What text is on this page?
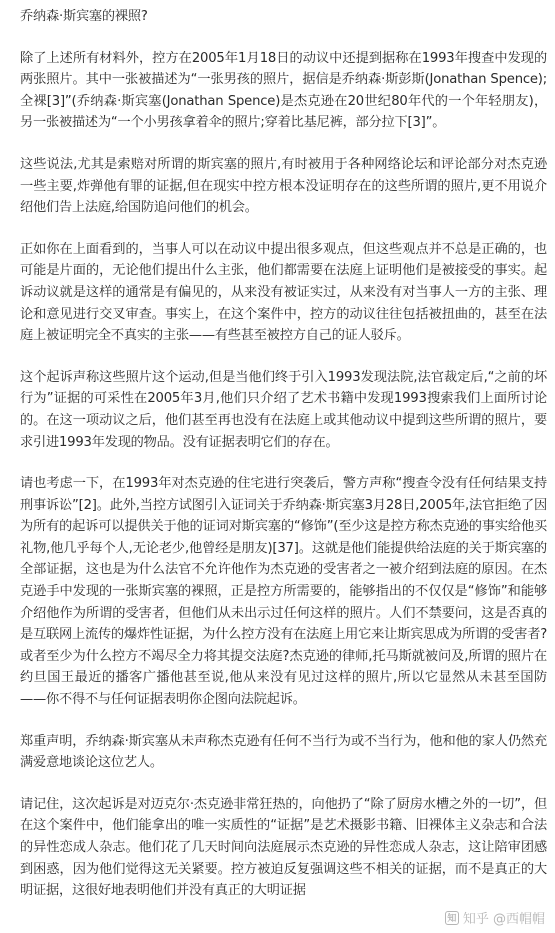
乔纳森·斯宾塞的裸照?

除了上述所有材料外，控方在2005年1月18日的动议中还提到据称在1993年搜查中发现的两张照片。其中一张被描述为“一张男孩的照片，据信是乔纳森·斯彭斯(Jonathan Spence);全裸[3]”(乔纳森·斯宾塞(Jonathan Spence)是杰克逊在20世纪80年代的一个年轻朋友)，另一张被描述为“一个小男孩拿着伞的照片;穿着比基尼裤，部分拉下[3]”。

这些说法,尤其是索赔对所谓的斯宾塞的照片,有时被用于各种网络论坛和评论部分对杰克逊一些主要,炸弹他有罪的证据,但在现实中控方根本没证明存在的这些所谓的照片,更不用说介绍他们告上法庭,给国防追问他们的机会。

正如你在上面看到的，当事人可以在动议中提出很多观点，但这些观点并不总是正确的，也可能是片面的，无论他们提出什么主张，他们都需要在法庭上证明他们是被接受的事实。起诉动议就是这样的通常是有偏见的，从来没有被证实过，从来没有对当事人一方的主张、理论和意见进行交叉审查。事实上，在这个案件中，控方的动议往往包括被扭曲的，甚至在法庭上被证明完全不真实的主张——有些甚至被控方自己的证人驳斥。

这个起诉声称这些照片这个运动,但是当他们终于引入1993发现法院,法官裁定后,“之前的坏行为”证据的可采性在2005年3月,他们只介绍了艺术书籍中发现1993搜索我们上面所讨论的。在这一项动议之后，他们甚至再也没有在法庭上或其他动议中提到这些所谓的照片，要求引进1993年发现的物品。没有证据表明它们的存在。

请也考虑一下，在1993年对杰克逊的住宅进行突袭后，警方声称“搜查令没有任何结果支持刑事诉讼”[2]。此外,当控方试图引入证词关于乔纳森·斯宾塞3月28日,2005年,法官拒绝了因为所有的起诉可以提供关于他的证词对斯宾塞的“修饰”(至少这是控方称杰克逊的事实给他买礼物,他几乎每个人,无论老少,他曾经是朋友)[37]。这就是他们能提供给法庭的关于斯宾塞的全部证据，这也是为什么法官不允许他作为杰克逊的受害者之一被介绍到法庭的原因。在杰克逊手中发现的一张斯宾塞的裸照，正是控方所需要的，能够指出的不仅仅是“修饰”和能够介绍他作为所谓的受害者，但他们从未出示过任何这样的照片。人们不禁要问，这是否真的是互联网上流传的爆炸性证据，为什么控方没有在法庭上用它来让斯宾思成为所谓的受害者?或者至少为什么控方不竭尽全力将其提交法庭?杰克逊的律师,托马斯就被问及,所谓的照片在约旦国王最近的播客广播他甚至说,他从来没有见过这样的照片,所以它显然从未甚至国防——你不得不与任何证据表明你企图向法院起诉。

郑重声明，乔纳森·斯宾塞从未声称杰克逊有任何不当行为或不当行为，他和他的家人仍然充满爱意地谈论这位艺人。

请记住，这次起诉是对迈克尔·杰克逊非常狂热的，向他扔了“除了厨房水槽之外的一切”，但在这个案件中，他们能拿出的唯一实质性的“证据”是艺术摄影书籍、旧裸体主义杂志和合法的异性恋成人杂志。他们花了几天时间向法庭展示杰克逊的异性恋成人杂志，这让陪审团感到困惑，因为他们觉得这无关紧要。控方被迫反复强调这些不相关的证据，而不是真正的大明证据，这很好地表明他们并没有真正的大明证据

知 知乎 @西帽帽
